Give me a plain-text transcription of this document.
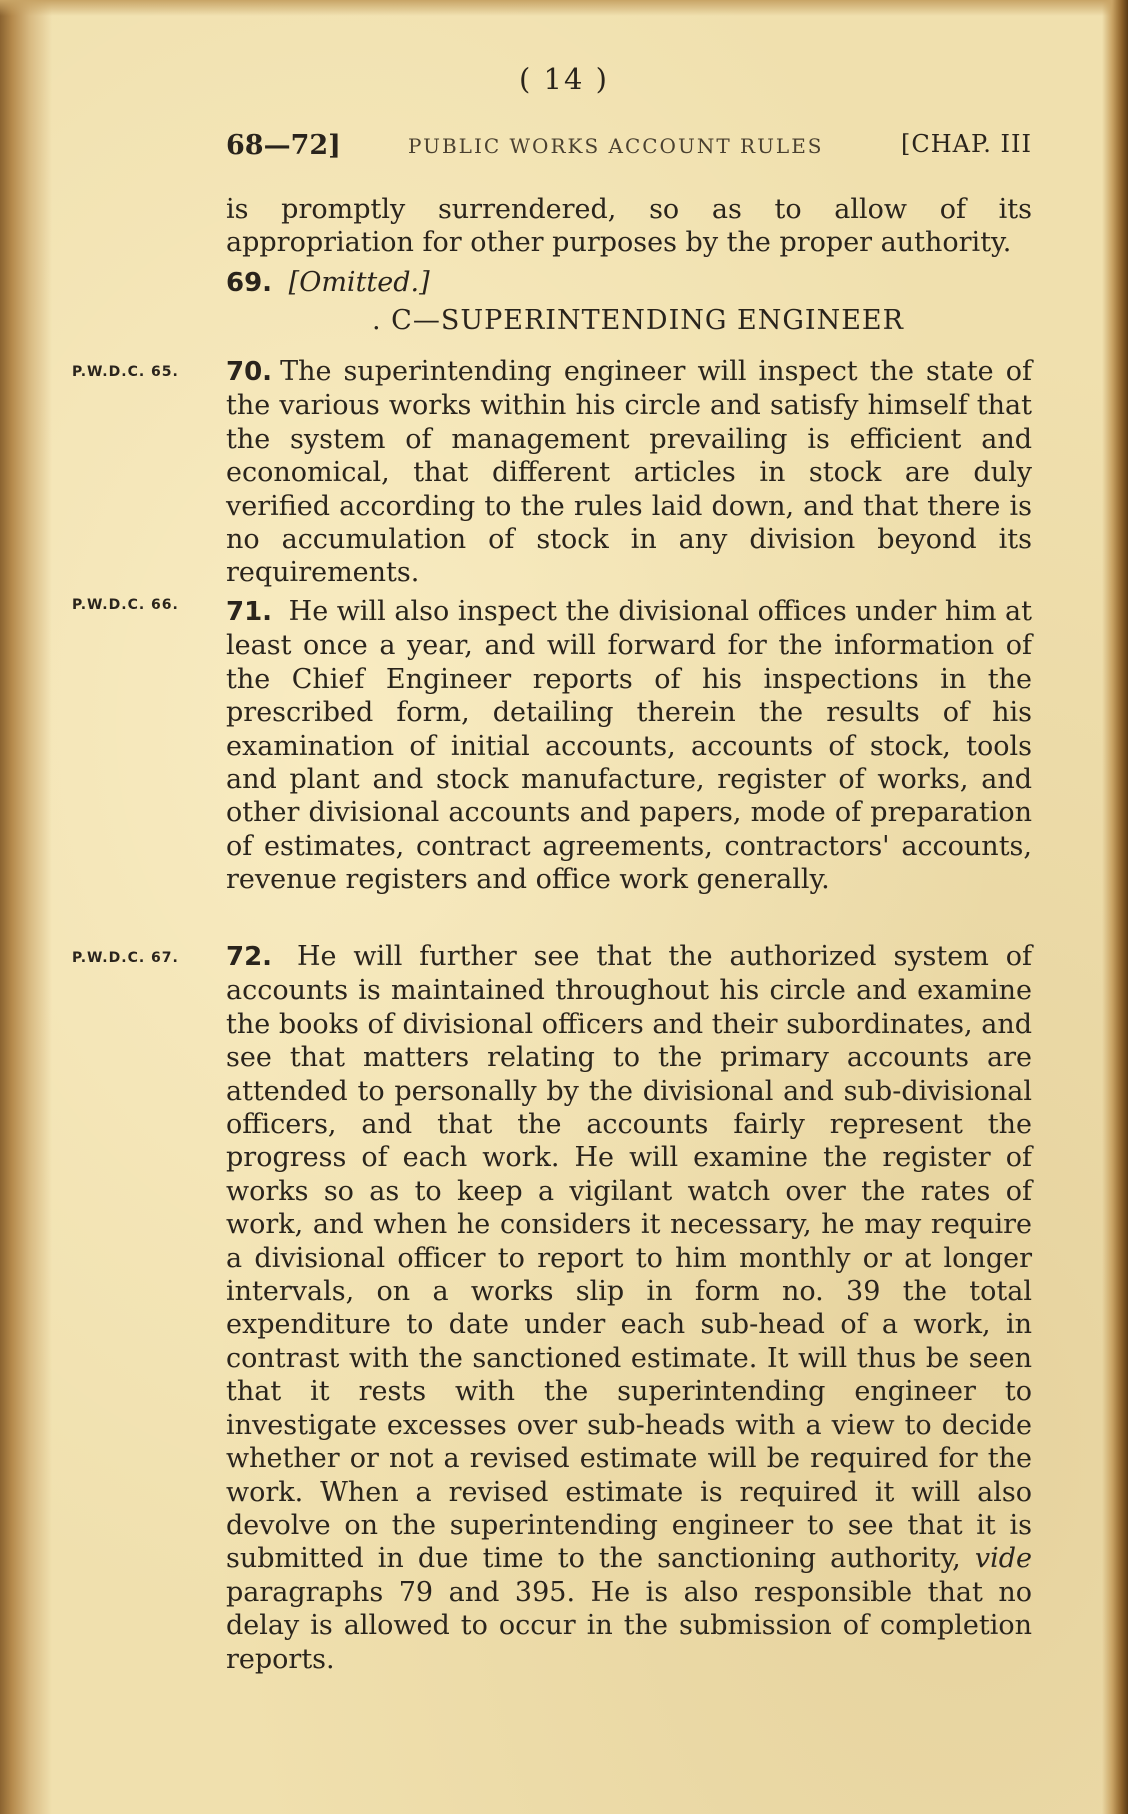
( 14 )
68—72]	PUBLIC WORKS ACCOUNT RULES	[CHAP. III
is promptly surrendered, so as to allow of its appropriation for other purposes by the proper authority.
69. [Omitted.]
. C—SUPERINTENDING ENGINEER
P.W.D.C. 65.	70. The superintending engineer will inspect the state of the various works within his circle and satisfy himself that the system of management prevailing is efficient and economical, that different articles in stock are duly verified according to the rules laid down, and that there is no accumulation of stock in any division beyond its requirements.
P.W.D.C. 66.	71. He will also inspect the divisional offices under him at least once a year, and will forward for the information of the Chief Engineer reports of his inspections in the prescribed form, detailing therein the results of his examination of initial accounts, accounts of stock, tools and plant and stock manufacture, register of works, and other divisional accounts and papers, mode of preparation of estimates, contract agreements, contractors' accounts, revenue registers and office work generally.
P.W.D.C. 67.	72. He will further see that the authorized system of accounts is maintained throughout his circle and examine the books of divisional officers and their subordinates, and see that matters relating to the primary accounts are attended to personally by the divisional and sub-divisional officers, and that the accounts fairly represent the progress of each work. He will examine the register of works so as to keep a vigilant watch over the rates of work, and when he considers it necessary, he may require a divisional officer to report to him monthly or at longer intervals, on a works slip in form no. 39 the total expenditure to date under each sub-head of a work, in contrast with the sanctioned estimate. It will thus be seen that it rests with the superintending engineer to investigate excesses over sub-heads with a view to decide whether or not a revised estimate will be required for the work. When a revised estimate is required it will also devolve on the superintending engineer to see that it is submitted in due time to the sanctioning authority, vide paragraphs 79 and 395. He is also responsible that no delay is allowed to occur in the submission of completion reports.
